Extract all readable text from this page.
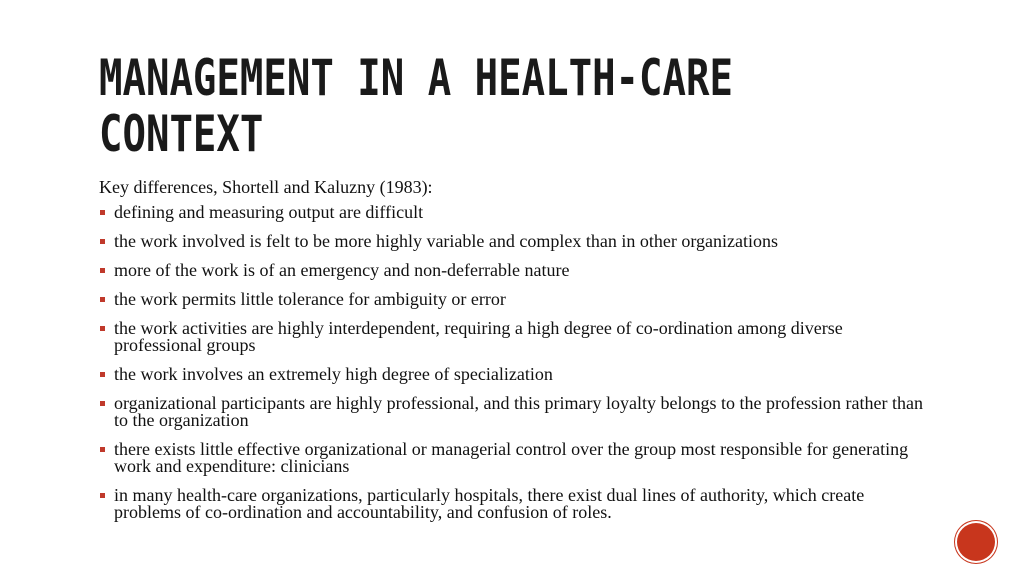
MANAGEMENT IN A HEALTH-CARE
CONTEXT

Key differences, Shortell and Kaluzny (1983):

defining and measuring output are difficult
the work involved is felt to be more highly variable and complex than in other organizations
more of the work is of an emergency and non-deferrable nature
the work permits little tolerance for ambiguity or error
the work activities are highly interdependent, requiring a high degree of co-ordination among diverse professional groups
the work involves an extremely high degree of specialization
organizational participants are highly professional, and this primary loyalty belongs to the profession rather than to the organization
there exists little effective organizational or managerial control over the group most responsible for generating work and expenditure: clinicians
in many health-care organizations, particularly hospitals, there exist dual lines of authority, which create problems of co-ordination and accountability, and confusion of roles.
